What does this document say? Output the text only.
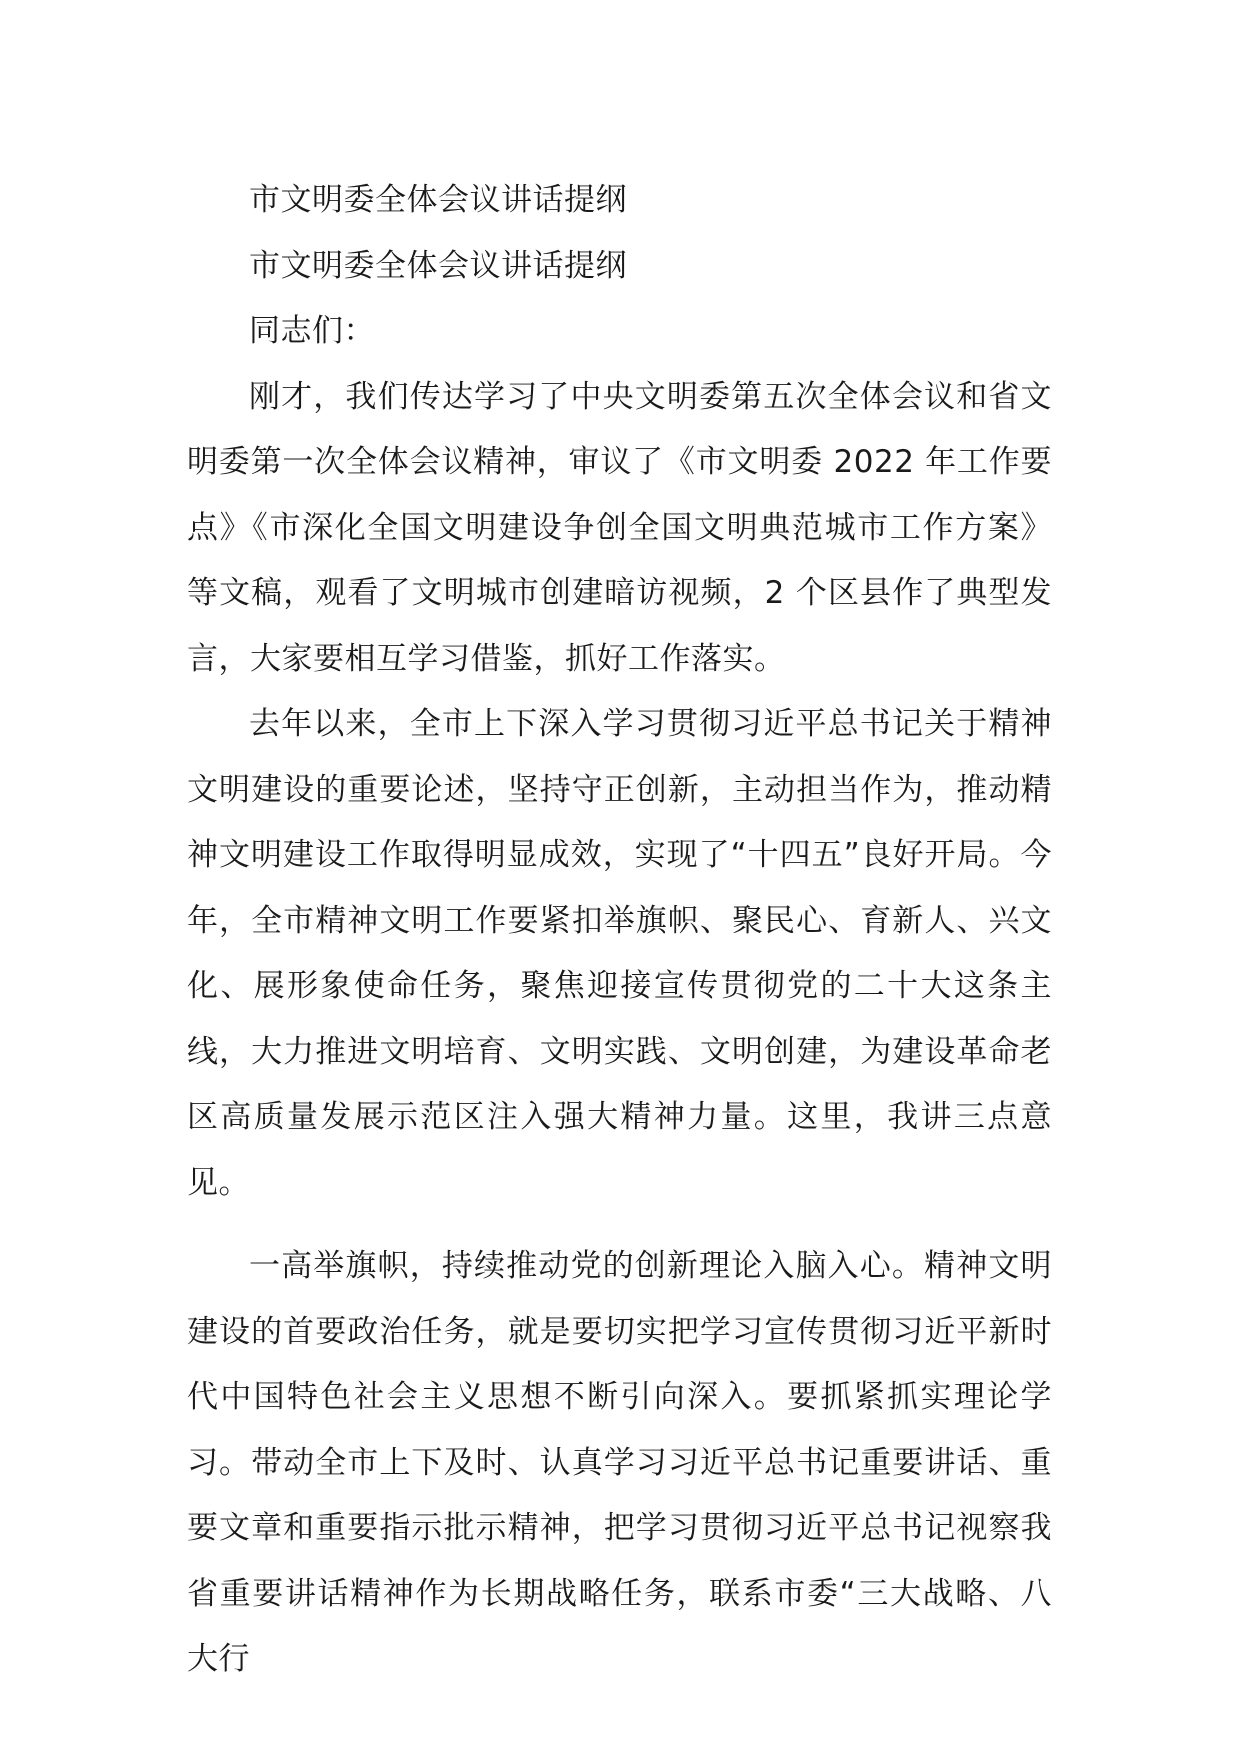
市文明委全体会议讲话提纲
市文明委全体会议讲话提纲
同志们：

刚才，我们传达学习了中央文明委第五次全体会议和省文明委第一次全体会议精神，审议了《市文明委 2022 年工作要点》《市深化全国文明建设争创全国文明典范城市工作方案》等文稿，观看了文明城市创建暗访视频，2 个区县作了典型发言，大家要相互学习借鉴，抓好工作落实。

去年以来，全市上下深入学习贯彻习近平总书记关于精神文明建设的重要论述，坚持守正创新，主动担当作为，推动精神文明建设工作取得明显成效，实现了“十四五”良好开局。今年，全市精神文明工作要紧扣举旗帜、聚民心、育新人、兴文化、展形象使命任务，聚焦迎接宣传贯彻党的二十大这条主线，大力推进文明培育、文明实践、文明创建，为建设革命老区高质量发展示范区注入强大精神力量。这里，我讲三点意见。

一高举旗帜，持续推动党的创新理论入脑入心。精神文明建设的首要政治任务，就是要切实把学习宣传贯彻习近平新时代中国特色社会主义思想不断引向深入。要抓紧抓实理论学习。带动全市上下及时、认真学习习近平总书记重要讲话、重要文章和重要指示批示精神，把学习贯彻习近平总书记视察我省重要讲话精神作为长期战略任务，联系市委“三大战略、八大行
